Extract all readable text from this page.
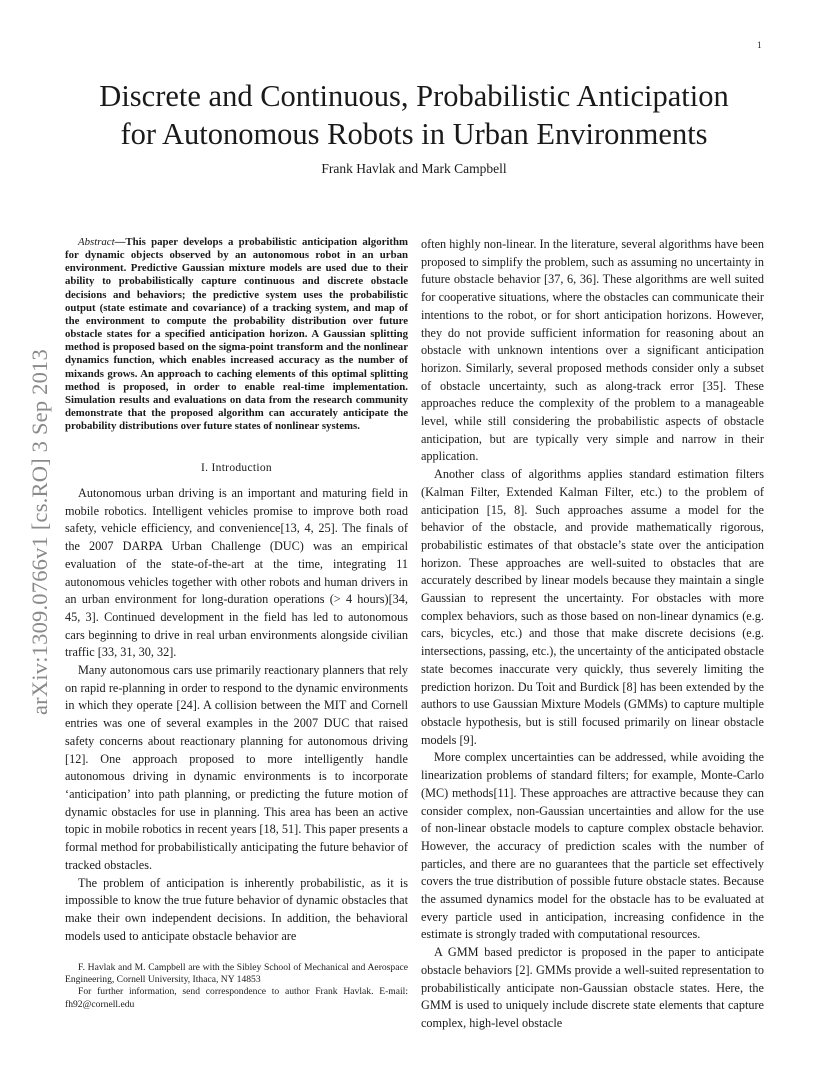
1
arXiv:1309.0766v1 [cs.RO] 3 Sep 2013
Discrete and Continuous, Probabilistic Anticipation
for Autonomous Robots in Urban Environments
Frank Havlak and Mark Campbell

Abstract—This paper develops a probabilistic anticipation algorithm for dynamic objects observed by an autonomous robot in an urban environment. Predictive Gaussian mixture models are used due to their ability to probabilistically capture continuous and discrete obstacle decisions and behaviors; the predictive system uses the probabilistic output (state estimate and covariance) of a tracking system, and map of the environment to compute the probability distribution over future obstacle states for a specified anticipation horizon. A Gaussian splitting method is proposed based on the sigma-point transform and the nonlinear dynamics function, which enables increased accuracy as the number of mixands grows. An approach to caching elements of this optimal splitting method is proposed, in order to enable real-time implementation. Simulation results and evaluations on data from the research community demonstrate that the proposed algorithm can accurately anticipate the probability distributions over future states of nonlinear systems.

I. Introduction

Autonomous urban driving is an important and maturing field in mobile robotics. Intelligent vehicles promise to improve both road safety, vehicle efficiency, and convenience[13, 4, 25]. The finals of the 2007 DARPA Urban Challenge (DUC) was an empirical evaluation of the state-of-the-art at the time, integrating 11 autonomous vehicles together with other robots and human drivers in an urban environment for long-duration operations (> 4 hours)[34, 45, 3]. Continued development in the field has led to autonomous cars beginning to drive in real urban environments alongside civilian traffic [33, 31, 30, 32].

Many autonomous cars use primarily reactionary planners that rely on rapid re-planning in order to respond to the dynamic environments in which they operate [24]. A collision between the MIT and Cornell entries was one of several examples in the 2007 DUC that raised safety concerns about reactionary planning for autonomous driving [12]. One approach proposed to more intelligently handle autonomous driving in dynamic environments is to incorporate ‘anticipation’ into path planning, or predicting the future motion of dynamic obstacles for use in planning. This area has been an active topic in mobile robotics in recent years [18, 51]. This paper presents a formal method for probabilistically anticipating the future behavior of tracked obstacles.

The problem of anticipation is inherently probabilistic, as it is impossible to know the true future behavior of dynamic obstacles that make their own independent decisions. In addition, the behavioral models used to anticipate obstacle behavior are

F. Havlak and M. Campbell are with the Sibley School of Mechanical and Aerospace Engineering, Cornell University, Ithaca, NY 14853

For further information, send correspondence to author Frank Havlak. E-mail: fh92@cornell.edu

often highly non-linear. In the literature, several algorithms have been proposed to simplify the problem, such as assuming no uncertainty in future obstacle behavior [37, 6, 36]. These algorithms are well suited for cooperative situations, where the obstacles can communicate their intentions to the robot, or for short anticipation horizons. However, they do not provide sufficient information for reasoning about an obstacle with unknown intentions over a significant anticipation horizon. Similarly, several proposed methods consider only a subset of obstacle uncertainty, such as along-track error [35]. These approaches reduce the complexity of the problem to a manageable level, while still considering the probabilistic aspects of obstacle anticipation, but are typically very simple and narrow in their application.

Another class of algorithms applies standard estimation filters (Kalman Filter, Extended Kalman Filter, etc.) to the problem of anticipation [15, 8]. Such approaches assume a model for the behavior of the obstacle, and provide mathematically rigorous, probabilistic estimates of that obstacle’s state over the anticipation horizon. These approaches are well-suited to obstacles that are accurately described by linear models because they maintain a single Gaussian to represent the uncertainty. For obstacles with more complex behaviors, such as those based on non-linear dynamics (e.g. cars, bicycles, etc.) and those that make discrete decisions (e.g. intersections, passing, etc.), the uncertainty of the anticipated obstacle state becomes inaccurate very quickly, thus severely limiting the prediction horizon. Du Toit and Burdick [8] has been extended by the authors to use Gaussian Mixture Models (GMMs) to capture multiple obstacle hypothesis, but is still focused primarily on linear obstacle models [9].

More complex uncertainties can be addressed, while avoiding the linearization problems of standard filters; for example, Monte-Carlo (MC) methods[11]. These approaches are attractive because they can consider complex, non-Gaussian uncertainties and allow for the use of non-linear obstacle models to capture complex obstacle behavior. However, the accuracy of prediction scales with the number of particles, and there are no guarantees that the particle set effectively covers the true distribution of possible future obstacle states. Because the assumed dynamics model for the obstacle has to be evaluated at every particle used in anticipation, increasing confidence in the estimate is strongly traded with computational resources.

A GMM based predictor is proposed in the paper to anticipate obstacle behaviors [2]. GMMs provide a well-suited representation to probabilistically anticipate non-Gaussian obstacle states. Here, the GMM is used to uniquely include discrete state elements that capture complex, high-level obstacle
